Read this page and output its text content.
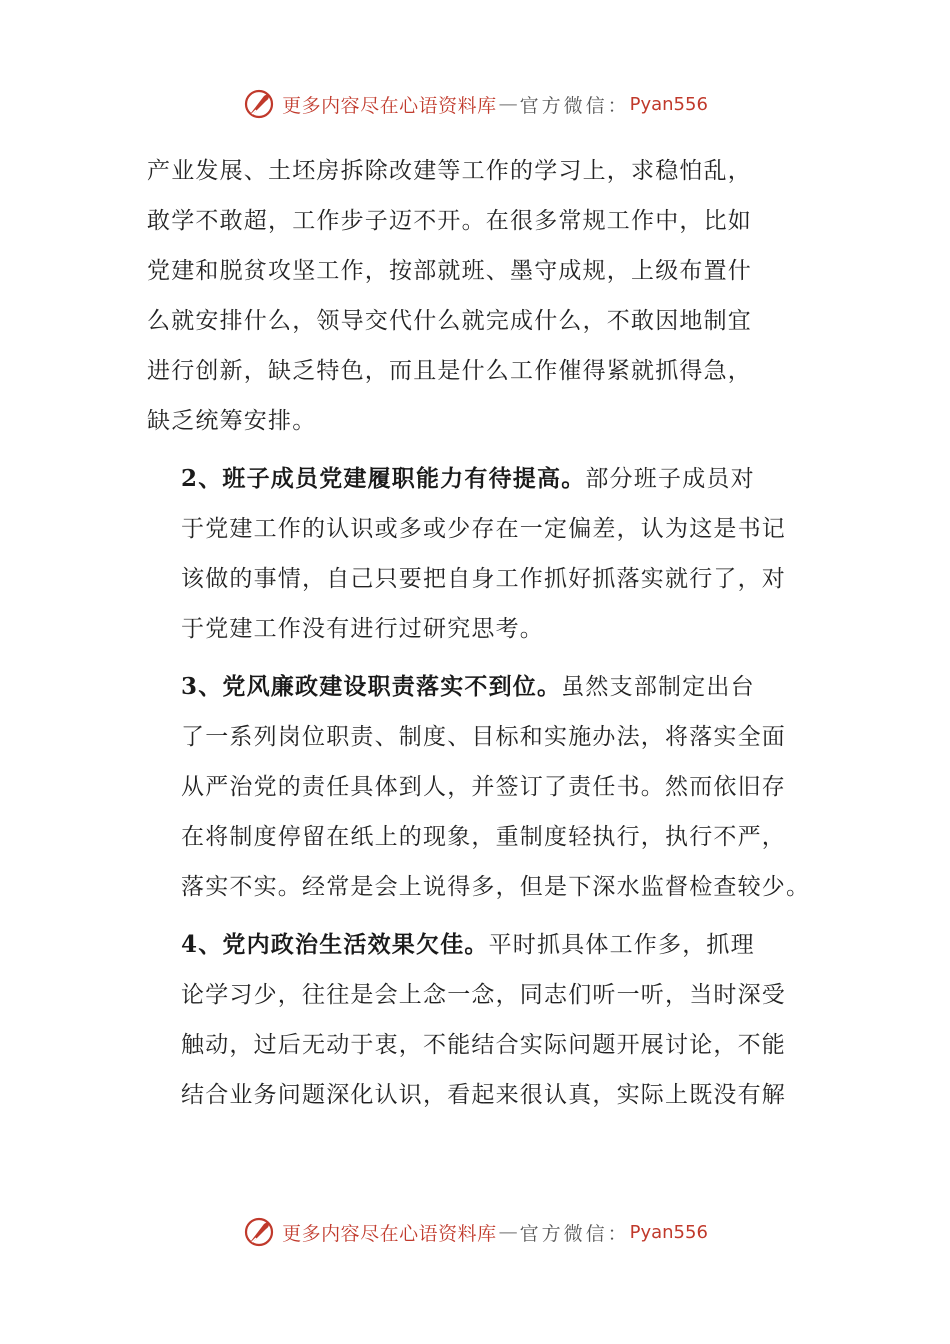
更多内容尽在心语资料库 — 官方微信： Pyan556

产业发展、土坯房拆除改建等工作的学习上，求稳怕乱，
敢学不敢超，工作步子迈不开。在很多常规工作中，比如
党建和脱贫攻坚工作，按部就班、墨守成规，上级布置什
么就安排什么，领导交代什么就完成什么，不敢因地制宜
进行创新，缺乏特色，而且是什么工作催得紧就抓得急，
缺乏统筹安排。

2、班子成员党建履职能力有待提高。部分班子成员对
于党建工作的认识或多或少存在一定偏差，认为这是书记
该做的事情，自己只要把自身工作抓好抓落实就行了，对
于党建工作没有进行过研究思考。

3、党风廉政建设职责落实不到位。虽然支部制定出台
了一系列岗位职责、制度、目标和实施办法，将落实全面
从严治党的责任具体到人，并签订了责任书。然而依旧存
在将制度停留在纸上的现象，重制度轻执行，执行不严，
落实不实。经常是会上说得多，但是下深水监督检查较少。

4、党内政治生活效果欠佳。平时抓具体工作多，抓理
论学习少，往往是会上念一念，同志们听一听，当时深受
触动，过后无动于衷，不能结合实际问题开展讨论，不能
结合业务问题深化认识，看起来很认真，实际上既没有解

更多内容尽在心语资料库 — 官方微信： Pyan556
